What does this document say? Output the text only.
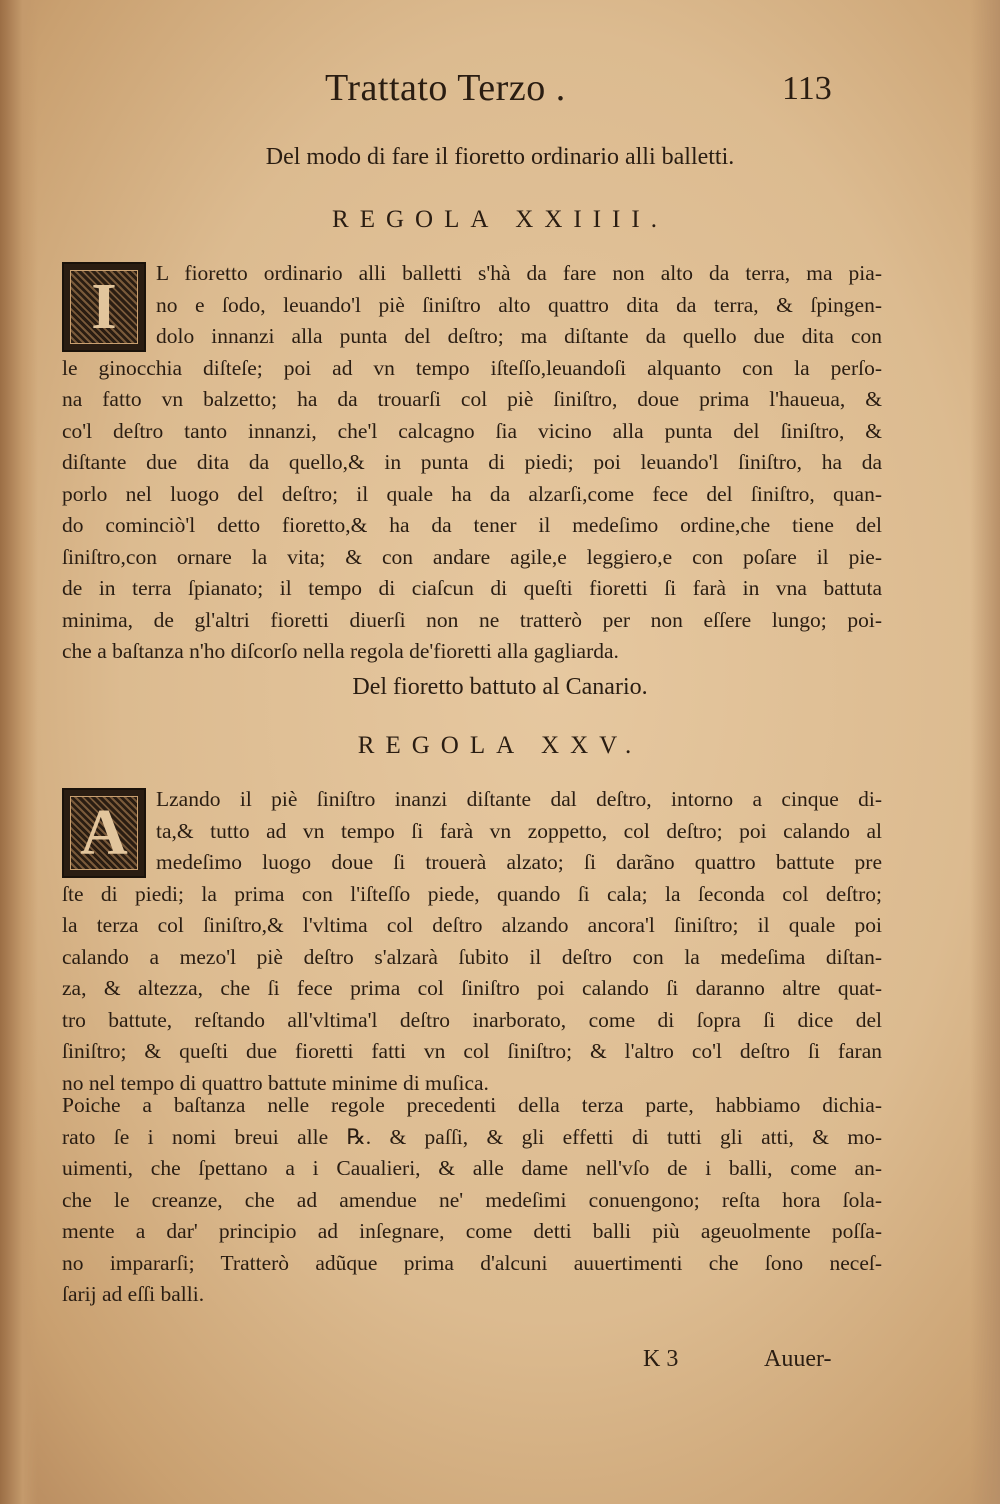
Trattato Terzo .	113
Del modo di fare il fioretto ordinario alli balletti.
REGOLA XXIIII.
I	L fioretto ordinario alli balletti s'hà da fare non alto da terra, ma pia-
no e ſodo, leuando'l piè ſiniſtro alto quattro dita da terra, & ſpingen-
dolo innanzi alla punta del deſtro; ma diſtante da quello due dita con
le ginocchia diſteſe; poi ad vn tempo iſteſſo,leuandoſi alquanto con la perſo-
na fatto vn balzetto; ha da trouarſi col piè ſiniſtro, doue prima l'haueua, &
co'l deſtro tanto innanzi, che'l calcagno ſia vicino alla punta del ſiniſtro, &
diſtante due dita da quello,& in punta di piedi; poi leuando'l ſiniſtro, ha da
porlo nel luogo del deſtro; il quale ha da alzarſi,come fece del ſiniſtro, quan-
do cominciò'l detto fioretto,& ha da tener il medeſimo ordine,che tiene del
ſiniſtro,con ornare la vita; & con andare agile,e leggiero,e con poſare il pie-
de in terra ſpianato; il tempo di ciaſcun di queſti fioretti ſi farà in vna battuta
minima, de gl'altri fioretti diuerſi non ne tratterò per non eſſere lungo; poi-
che a baſtanza n'ho diſcorſo nella regola de'fioretti alla gagliarda.
Del fioretto battuto al Canario.
REGOLA XXV.
A	Lzando il piè ſiniſtro inanzi diſtante dal deſtro, intorno a cinque di-
ta,& tutto ad vn tempo ſi farà vn zoppetto, col deſtro; poi calando al
medeſimo luogo doue ſi trouerà alzato; ſi darãno quattro battute pre
ſte di piedi; la prima con l'iſteſſo piede, quando ſi cala; la ſeconda col deſtro;
la terza col ſiniſtro,& l'vltima col deſtro alzando ancora'l ſiniſtro; il quale poi
calando a mezo'l piè deſtro s'alzarà ſubito il deſtro con la medeſima diſtan-
za, & altezza, che ſi fece prima col ſiniſtro poi calando ſi daranno altre quat-
tro battute, reſtando all'vltima'l deſtro inarborato, come di ſopra ſi dice del
ſiniſtro; & queſti due fioretti fatti vn col ſiniſtro; & l'altro co'l deſtro ſi faran
no nel tempo di quattro battute minime di muſica.
Poiche a baſtanza nelle regole precedenti della terza parte, habbiamo dichia-
rato ſe i nomi breui alle ℞. & paſſi, & gli effetti di tutti gli atti, & mo-
uimenti, che ſpettano a i Caualieri, & alle dame nell'vſo de i balli, come an-
che le creanze, che ad amendue ne' medeſimi conuengono; reſta hora ſola-
mente a dar' principio ad inſegnare, come detti balli più ageuolmente poſſa-
no impararſi; Tratterò adũque prima d'alcuni auuertimenti che ſono neceſ-
ſarij ad eſſi balli.
K 3	Auuer-
